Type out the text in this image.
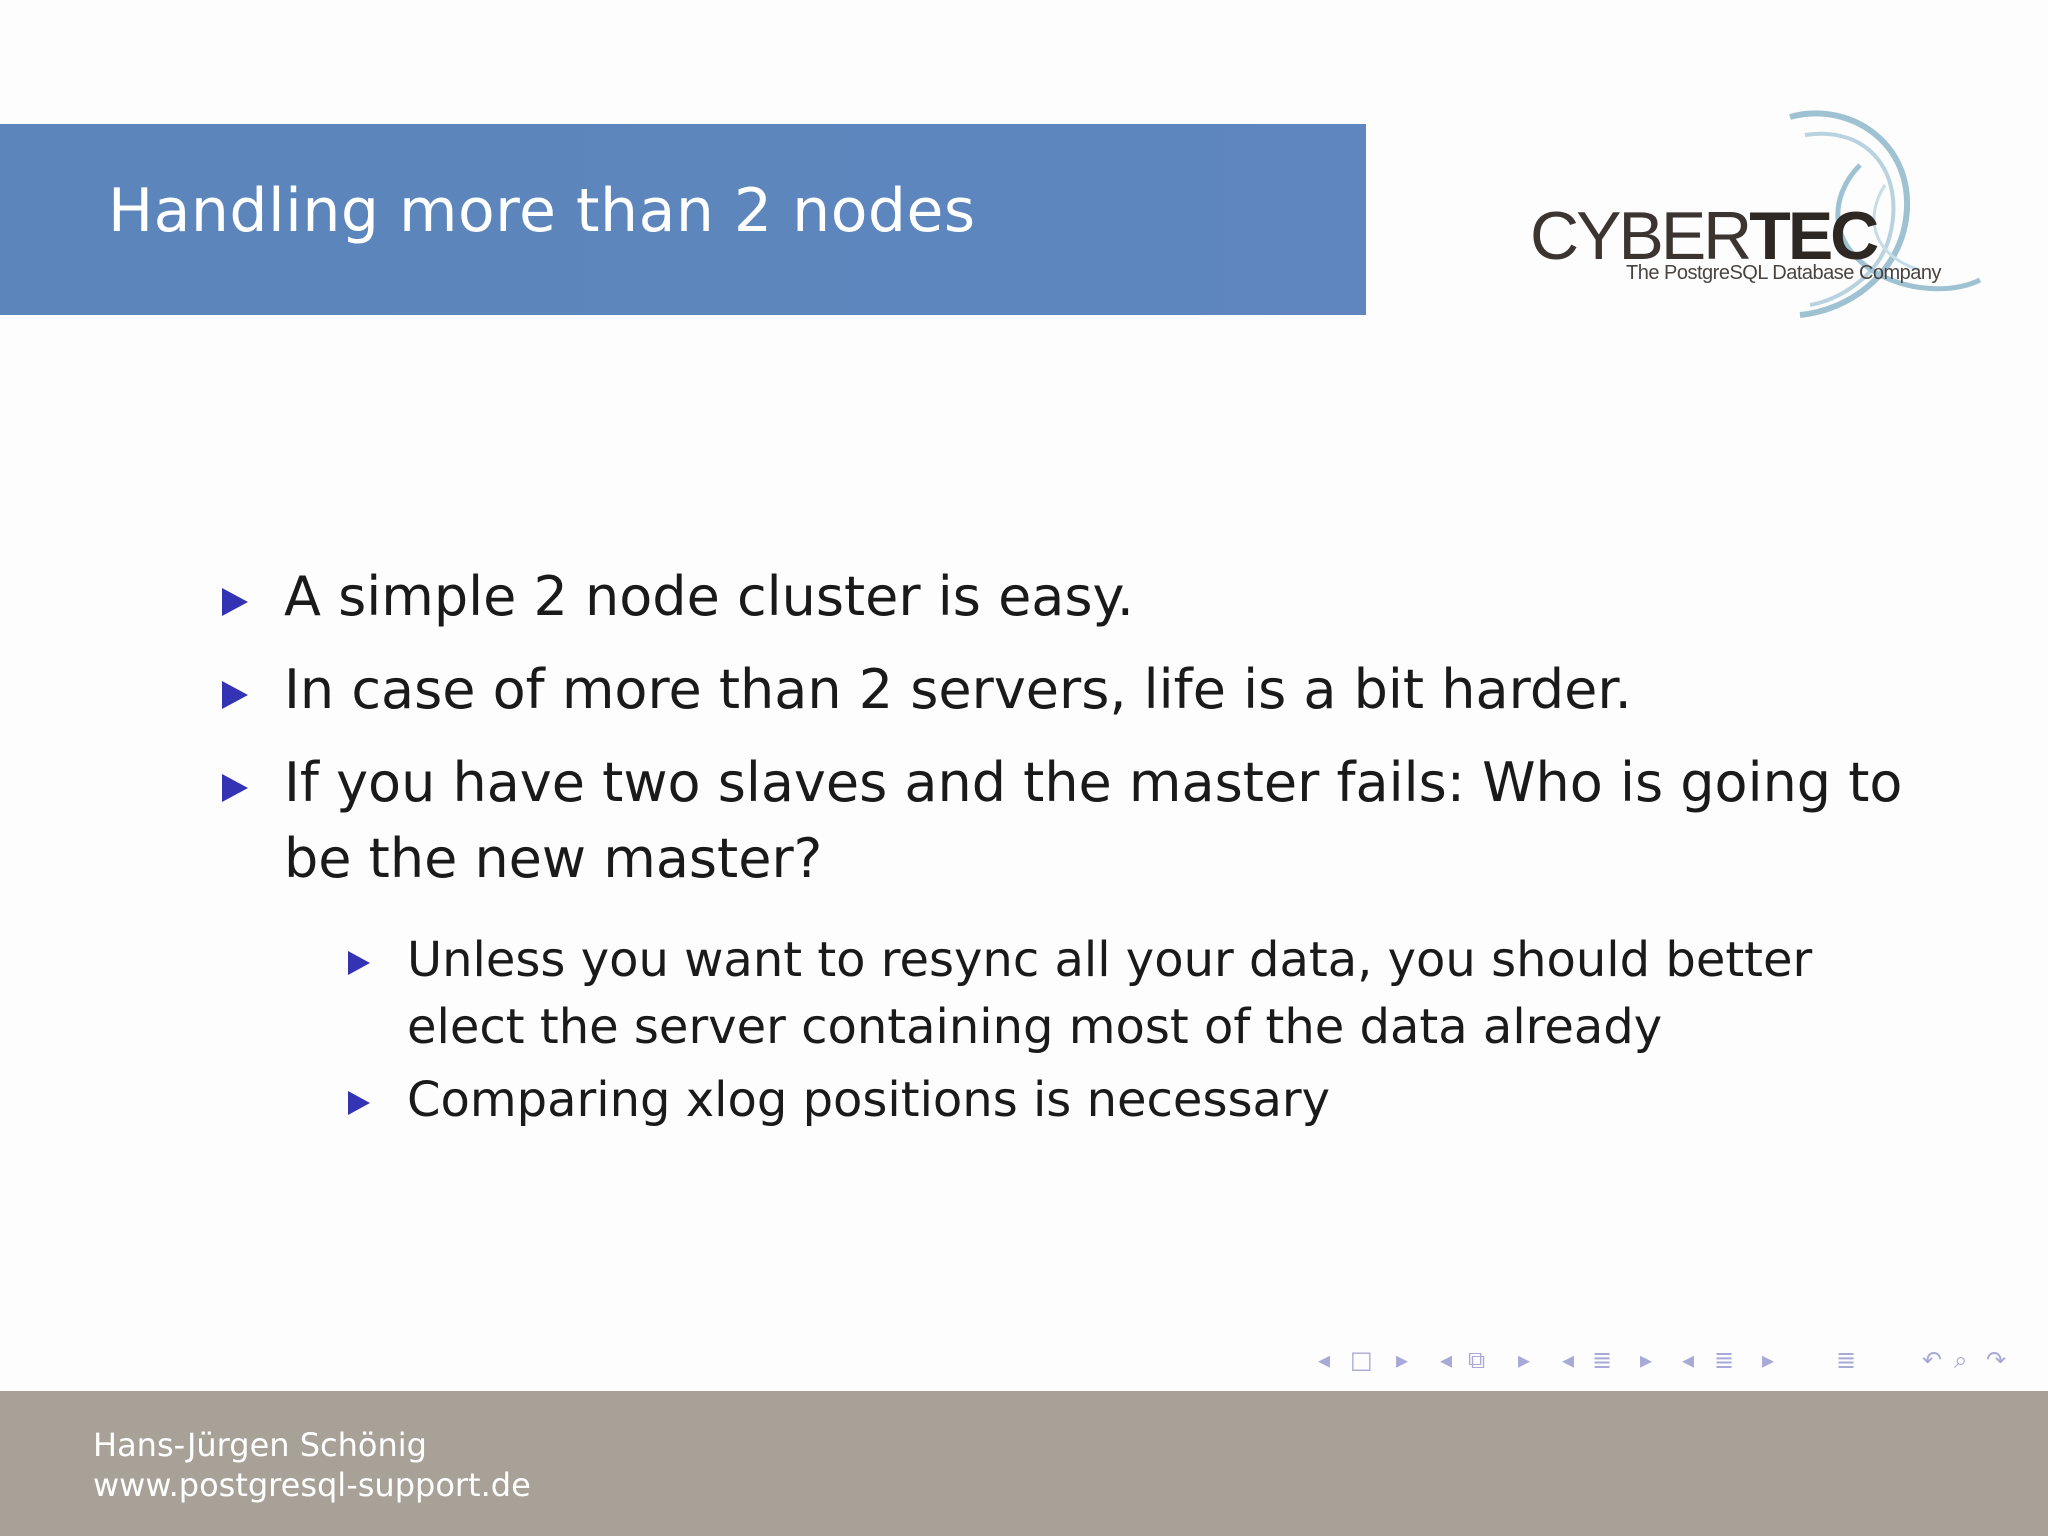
Handling more than 2 nodes	CYBERTEC
The PostgreSQL Database Company
A simple 2 node cluster is easy.
In case of more than 2 servers, life is a bit harder.
If you have two slaves and the master fails: Who is going to
be the new master?
Unless you want to resync all your data, you should better
elect the server containing most of the data already
Comparing xlog positions is necessary
◂ □ ▸ ◂ ⧉ ▸ ◂ ≣ ▸ ◂ ≣ ▸	≣	↶ ⌕ ↷
Hans-Jürgen Schönig
www.postgresql-support.de
